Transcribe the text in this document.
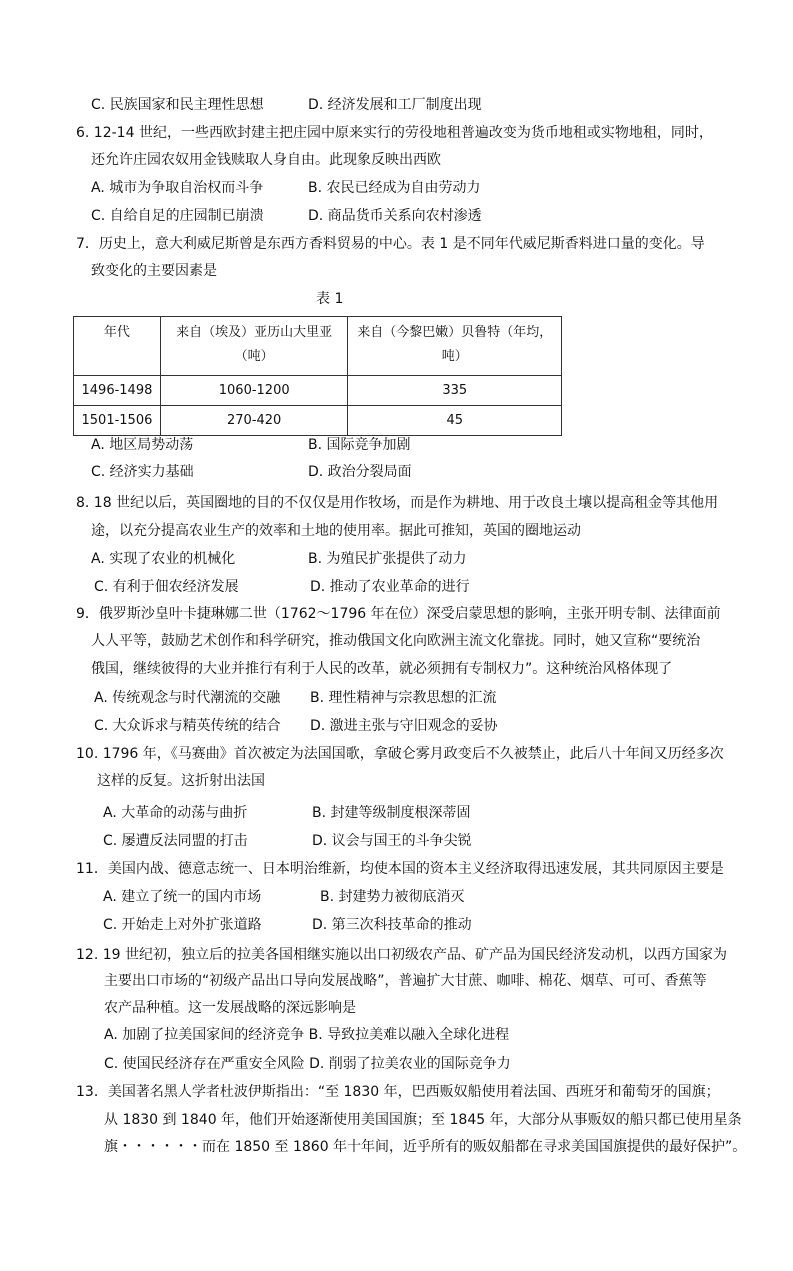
C. 民族国家和民主理性思想	D. 经济发展和工厂制度出现
6. 12-14 世纪，一些西欧封建主把庄园中原来实行的劳役地租普遍改变为货币地租或实物地租，同时，
还允许庄园农奴用金钱赎取人身自由。此现象反映出西欧
A. 城市为争取自治权而斗争	B. 农民已经成为自由劳动力
C. 自给自足的庄园制已崩溃	D. 商品货币关系向农村渗透
7．历史上，意大利威尼斯曾是东西方香料贸易的中心。表 1 是不同年代威尼斯香料进口量的变化。导
致变化的主要因素是
表 1
年代	来自（埃及）亚历山大里亚（吨）	来自（今黎巴嫩）贝鲁特（年均，吨）
1496-1498	1060-1200	335
1501-1506	270-420	45
A. 地区局势动荡	B. 国际竞争加剧
C. 经济实力基础	D. 政治分裂局面
8. 18 世纪以后，英国圈地的目的不仅仅是用作牧场，而是作为耕地、用于改良土壤以提高租金等其他用
途，以充分提高农业生产的效率和土地的使用率。据此可推知，英国的圈地运动
A. 实现了农业的机械化	B. 为殖民扩张提供了动力
C. 有利于佃农经济发展	D. 推动了农业革命的进行
9．俄罗斯沙皇叶卡捷琳娜二世（1762～1796 年在位）深受启蒙思想的影响，主张开明专制、法律面前
人人平等，鼓励艺术创作和科学研究，推动俄国文化向欧洲主流文化靠拢。同时，她又宣称“要统治
俄国，继续彼得的大业并推行有利于人民的改革，就必须拥有专制权力”。这种统治风格体现了
A. 传统观念与时代潮流的交融 B. 理性精神与宗教思想的汇流
C. 大众诉求与精英传统的结合 D. 激进主张与守旧观念的妥协
10. 1796 年，《马赛曲》首次被定为法国国歌，拿破仑雾月政变后不久被禁止，此后八十年间又历经多次
这样的反复。这折射出法国
A. 大革命的动荡与曲折	B. 封建等级制度根深蒂固
C. 屡遭反法同盟的打击	D. 议会与国王的斗争尖锐
11．美国内战、德意志统一、日本明治维新，均使本国的资本主义经济取得迅速发展，其共同原因主要是
A. 建立了统一的国内市场	B. 封建势力被彻底消灭
C. 开始走上对外扩张道路	D. 第三次科技革命的推动
12. 19 世纪初，独立后的拉美各国相继实施以出口初级农产品、矿产品为国民经济发动机，以西方国家为
主要出口市场的“初级产品出口导向发展战略”，普遍扩大甘蔗、咖啡、棉花、烟草、可可、香蕉等
农产品种植。这一发展战略的深远影响是
A. 加剧了拉美国家间的经济竞争 B. 导致拉美难以融入全球化进程
C. 使国民经济存在严重安全风险 D. 削弱了拉美农业的国际竞争力
13．美国著名黑人学者杜波伊斯指出：“至 1830 年，巴西贩奴船使用着法国、西班牙和葡萄牙的国旗；
从 1830 到 1840 年，他们开始逐渐使用美国国旗；至 1845 年，大部分从事贩奴的船只都已使用星条
旗・・・・・・而在 1850 至 1860 年十年间，近乎所有的贩奴船都在寻求美国国旗提供的最好保护”。
